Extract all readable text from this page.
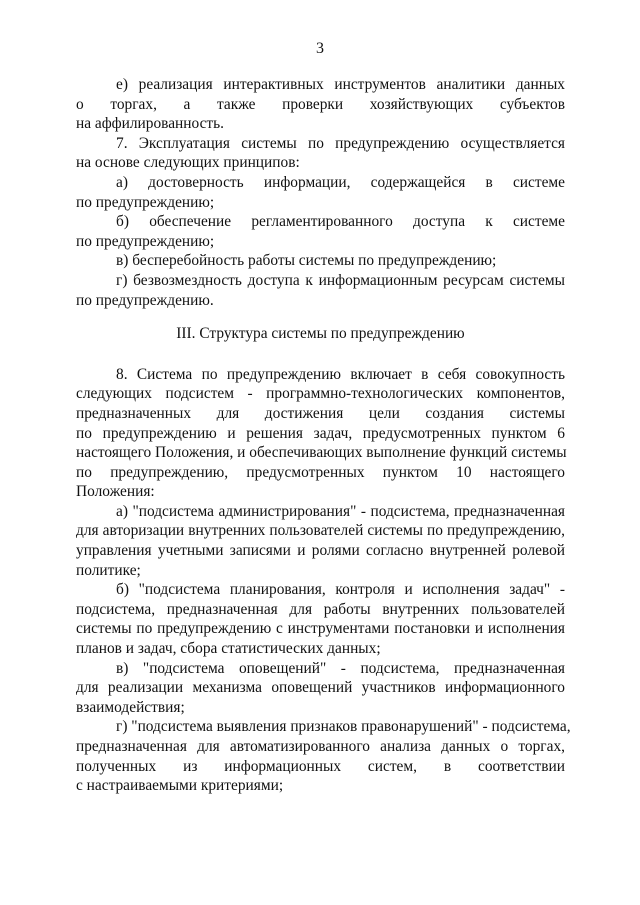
3
е) реализация интерактивных инструментов аналитики данных
о торгах, а также проверки хозяйствующих субъектов
на аффилированность.
7. Эксплуатация системы по предупреждению осуществляется
на основе следующих принципов:
а) достоверность информации, содержащейся в системе
по предупреждению;
б) обеспечение регламентированного доступа к системе
по предупреждению;
в) бесперебойность работы системы по предупреждению;
г) безвозмездность доступа к информационным ресурсам системы
по предупреждению.
III. Структура системы по предупреждению
8. Система по предупреждению включает в себя совокупность
следующих подсистем - программно-технологических компонентов,
предназначенных для достижения цели создания системы
по предупреждению и решения задач, предусмотренных пунктом 6
настоящего Положения, и обеспечивающих выполнение функций системы
по предупреждению, предусмотренных пунктом 10 настоящего
Положения:
а) "подсистема администрирования" - подсистема, предназначенная
для авторизации внутренних пользователей системы по предупреждению,
управления учетными записями и ролями согласно внутренней ролевой
политике;
б) "подсистема планирования, контроля и исполнения задач" -
подсистема, предназначенная для работы внутренних пользователей
системы по предупреждению с инструментами постановки и исполнения
планов и задач, сбора статистических данных;
в) "подсистема оповещений" - подсистема, предназначенная
для реализации механизма оповещений участников информационного
взаимодействия;
г) "подсистема выявления признаков правонарушений" - подсистема,
предназначенная для автоматизированного анализа данных о торгах,
полученных из информационных систем, в соответствии
с настраиваемыми критериями;
